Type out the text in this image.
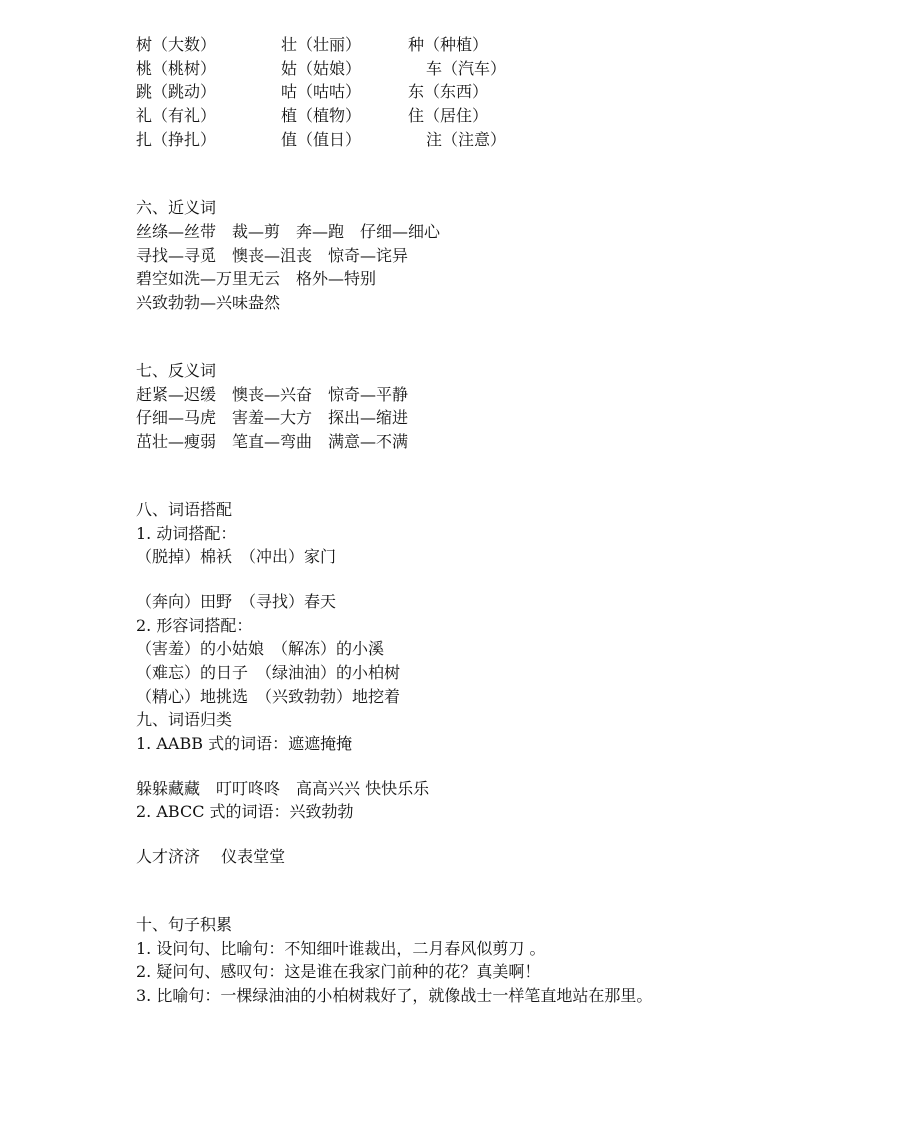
树（大数）	壮（壮丽）	种（种植）
桃（桃树）	姑（姑娘）	车（汽车）
跳（跳动）	咕（咕咕）	东（东西）
礼（有礼）	植（植物）	住（居住）
扎（挣扎）	值（值日）	注（注意）
六、近义词
丝绦—丝带　裁—剪　奔—跑　仔细—细心
寻找—寻觅　懊丧—沮丧　惊奇—诧异
碧空如洗—万里无云　格外—特别
兴致勃勃—兴味盎然
七、反义词
赶紧—迟缓　懊丧—兴奋　惊奇—平静
仔细—马虎　害羞—大方　探出—缩进
茁壮—瘦弱　笔直—弯曲　满意—不满
八、词语搭配
1. 动词搭配：
（脱掉）棉袄　（冲出）家门
（奔向）田野　（寻找）春天
2. 形容词搭配：
（害羞）的小姑娘　（解冻）的小溪
（难忘）的日子　（绿油油）的小柏树
（精心）地挑选　（兴致勃勃）地挖着
九、词语归类
1. AABB 式的词语：遮遮掩掩
躲躲藏藏　叮叮咚咚　高高兴兴 快快乐乐
2. ABCC 式的词语：兴致勃勃
人才济济　 仪表堂堂
十、句子积累
1. 设问句、比喻句：不知细叶谁裁出，二月春风似剪刀 。
2. 疑问句、感叹句：这是谁在我家门前种的花？真美啊！
3. 比喻句：一棵绿油油的小柏树栽好了，就像战士一样笔直地站在那里。
